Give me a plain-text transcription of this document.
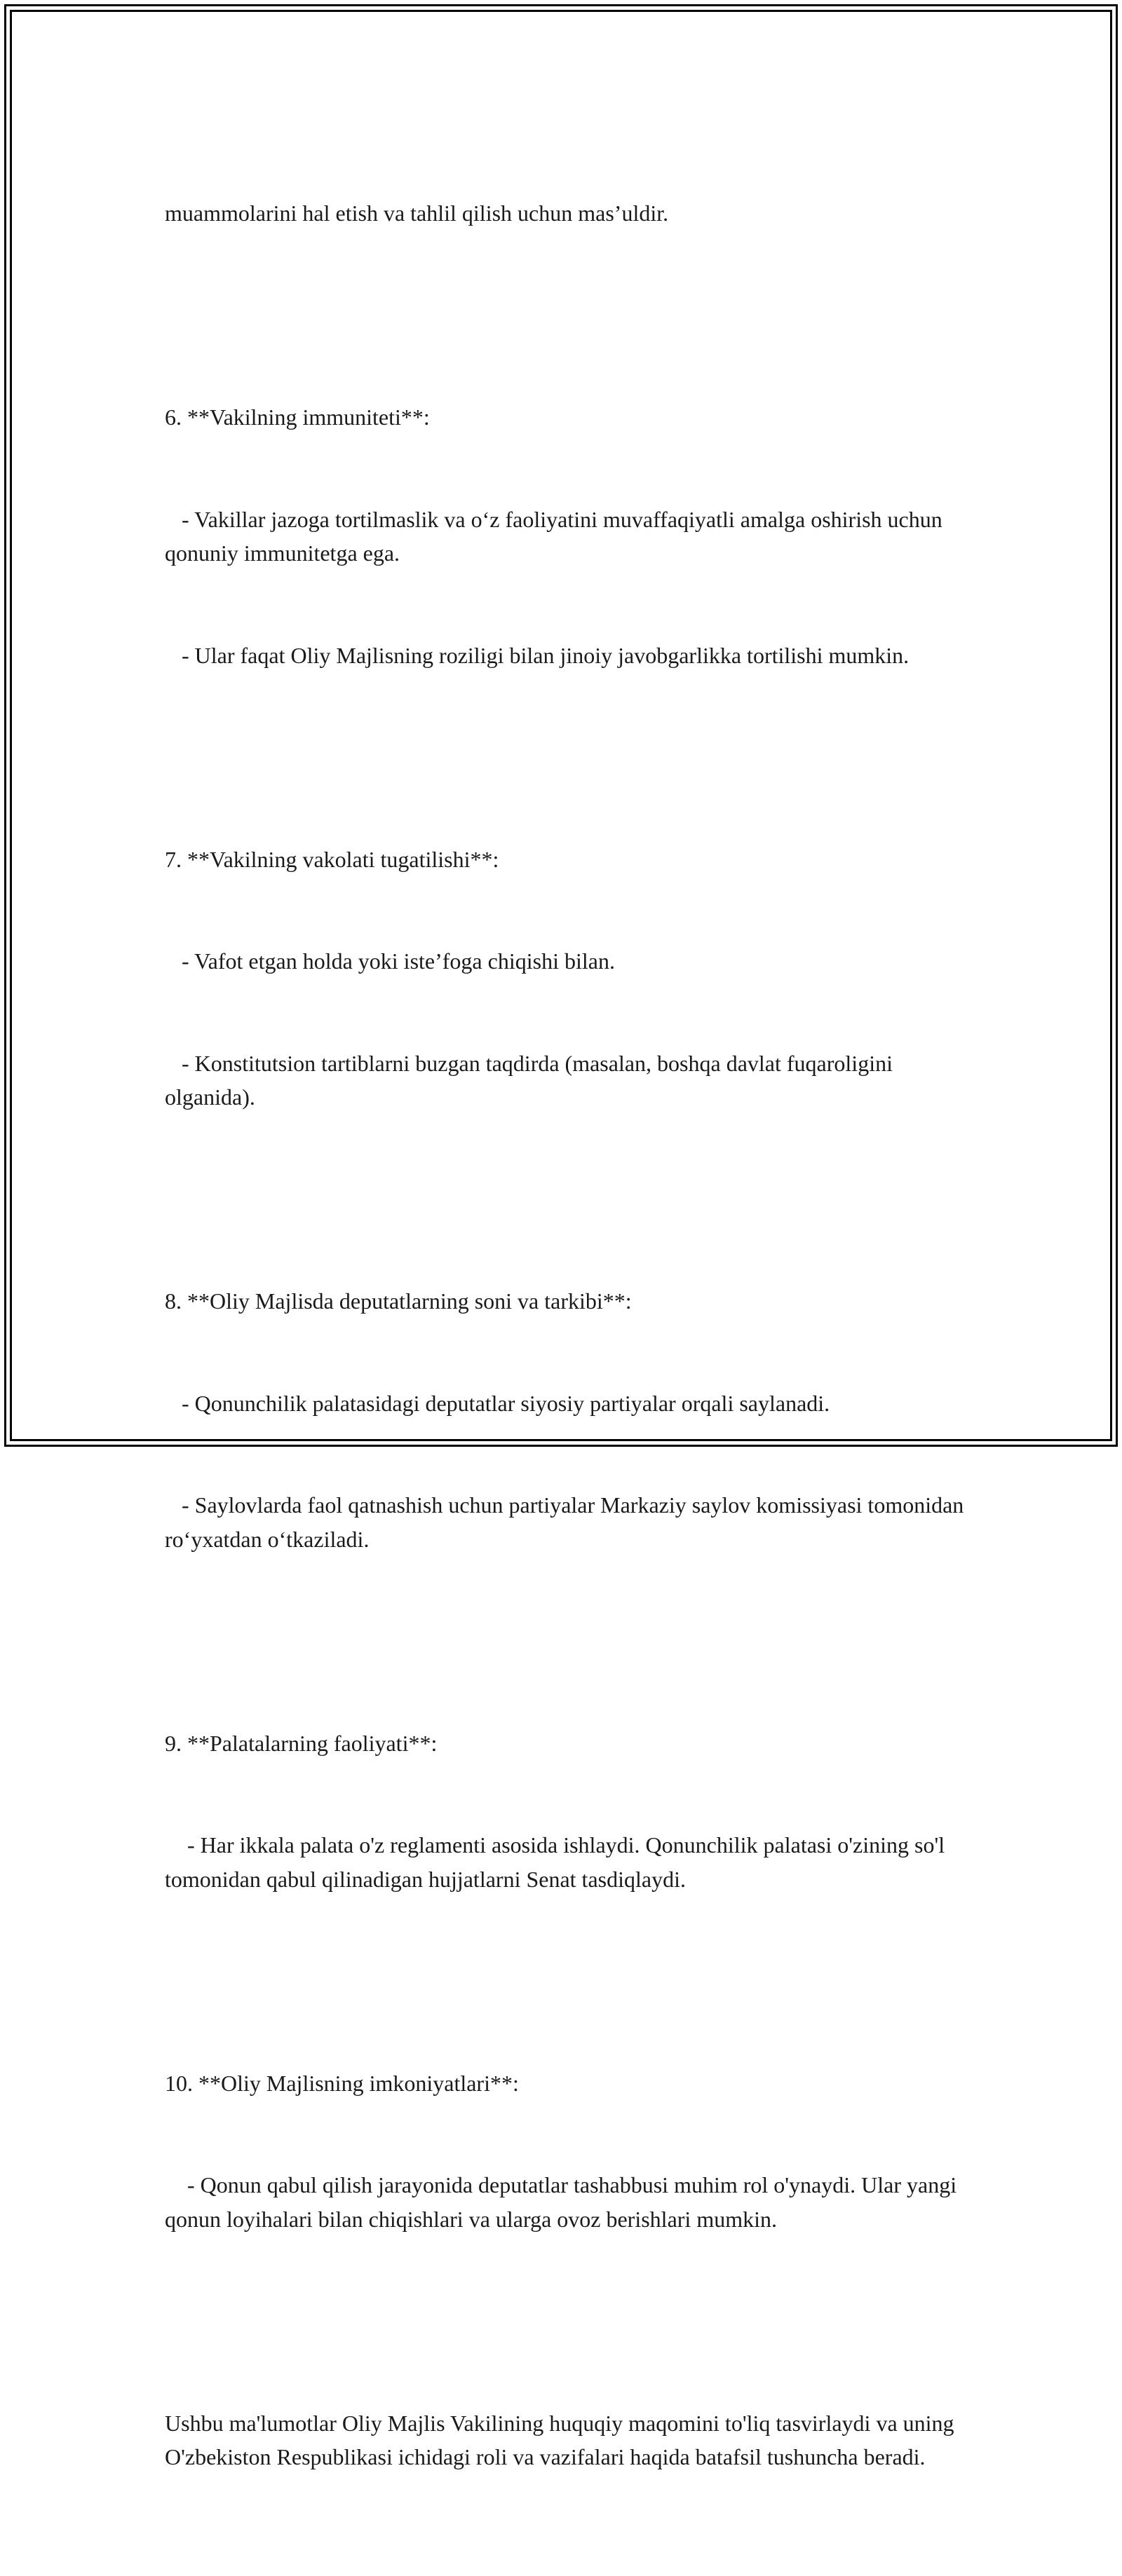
muammolarini hal etish va tahlil qilish uchun mas’uldir.

6. **Vakilning immuniteti**:

- Vakillar jazoga tortilmaslik va o‘z faoliyatini muvaffaqiyatli amalga oshirish uchun qonuniy immunitetga ega.

- Ular faqat Oliy Majlisning roziligi bilan jinoiy javobgarlikka tortilishi mumkin.

7. **Vakilning vakolati tugatilishi**:

- Vafot etgan holda yoki iste’foga chiqishi bilan.

- Konstitutsion tartiblarni buzgan taqdirda (masalan, boshqa davlat fuqaroligini olganida).

8. **Oliy Majlisda deputatlarning soni va tarkibi**:

- Qonunchilik palatasidagi deputatlar siyosiy partiyalar orqali saylanadi.

- Saylovlarda faol qatnashish uchun partiyalar Markaziy saylov komissiyasi tomonidan ro‘yxatdan o‘tkaziladi.

9. **Palatalarning faoliyati**:

- Har ikkala palata o'z reglamenti asosida ishlaydi. Qonunchilik palatasi o'zining so'l tomonidan qabul qilinadigan hujjatlarni Senat tasdiqlaydi.

10. **Oliy Majlisning imkoniyatlari**:

- Qonun qabul qilish jarayonida deputatlar tashabbusi muhim rol o'ynaydi. Ular yangi qonun loyihalari bilan chiqishlari va ularga ovoz berishlari mumkin.

Ushbu ma'lumotlar Oliy Majlis Vakilining huquqiy maqomini to'liq tasvirlaydi va uning O'zbekiston Respublikasi ichidagi roli va vazifalari haqida batafsil tushuncha beradi.
